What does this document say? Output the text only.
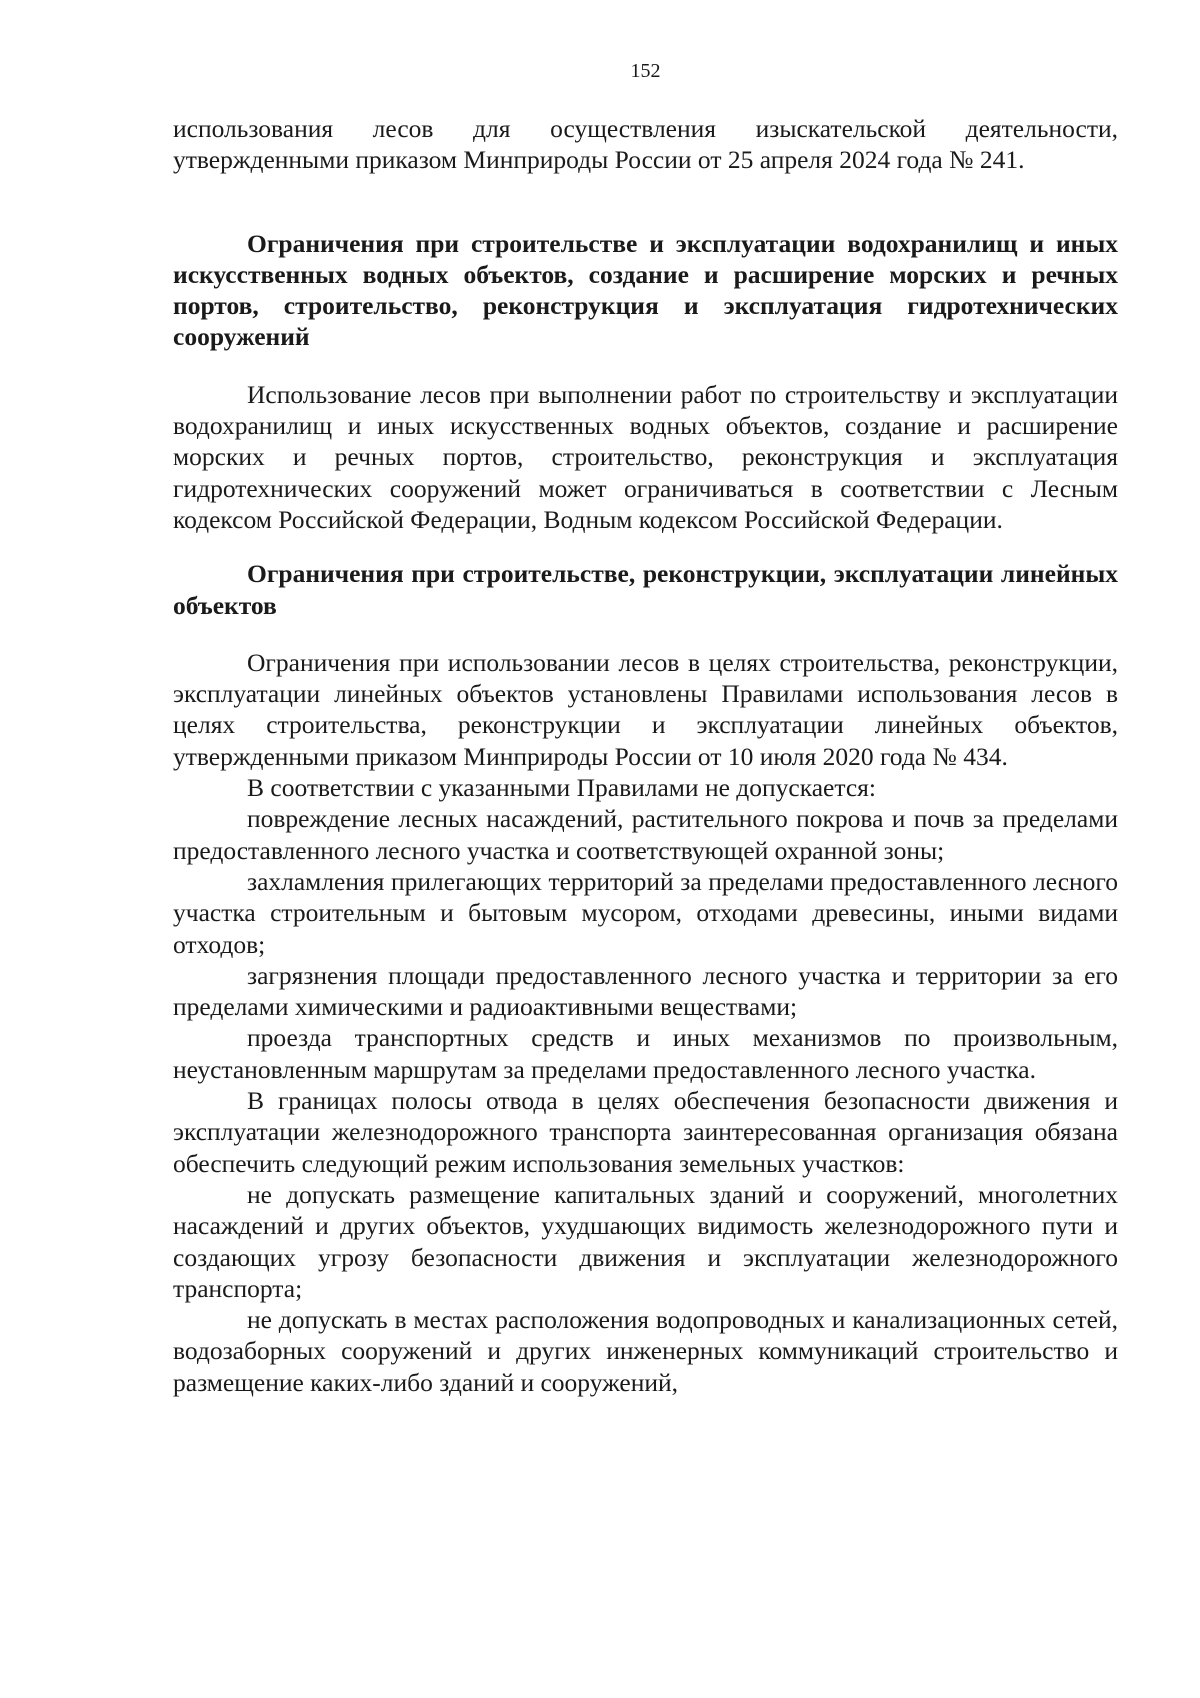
152

использования лесов для осуществления изыскательской деятельности, утвержденными приказом Минприроды России от 25 апреля 2024 года № 241.

Ограничения при строительстве и эксплуатации водохранилищ и иных искусственных водных объектов, создание и расширение морских и речных портов, строительство, реконструкция и эксплуатация гидротехнических сооружений

Использование лесов при выполнении работ по строительству и эксплуатации водохранилищ и иных искусственных водных объектов, создание и расширение морских и речных портов, строительство, реконструкция и эксплуатация гидротехнических сооружений может ограничиваться в соответствии с Лесным кодексом Российской Федерации, Водным кодексом Российской Федерации.

Ограничения при строительстве, реконструкции, эксплуатации линейных объектов

Ограничения при использовании лесов в целях строительства, реконструкции, эксплуатации линейных объектов установлены Правилами использования лесов в целях строительства, реконструкции и эксплуатации линейных объектов, утвержденными приказом Минприроды России от 10 июля 2020 года № 434.

В соответствии с указанными Правилами не допускается:

повреждение лесных насаждений, растительного покрова и почв за пределами предоставленного лесного участка и соответствующей охранной зоны;

захламления прилегающих территорий за пределами предоставленного лесного участка строительным и бытовым мусором, отходами древесины, иными видами отходов;

загрязнения площади предоставленного лесного участка и территории за его пределами химическими и радиоактивными веществами;

проезда транспортных средств и иных механизмов по произвольным, неустановленным маршрутам за пределами предоставленного лесного участка.

В границах полосы отвода в целях обеспечения безопасности движения и эксплуатации железнодорожного транспорта заинтересованная организация обязана обеспечить следующий режим использования земельных участков:

не допускать размещение капитальных зданий и сооружений, многолетних насаждений и других объектов, ухудшающих видимость железнодорожного пути и создающих угрозу безопасности движения и эксплуатации железнодорожного транспорта;

не допускать в местах расположения водопроводных и канализационных сетей, водозаборных сооружений и других инженерных коммуникаций строительство и размещение каких-либо зданий и сооружений,
